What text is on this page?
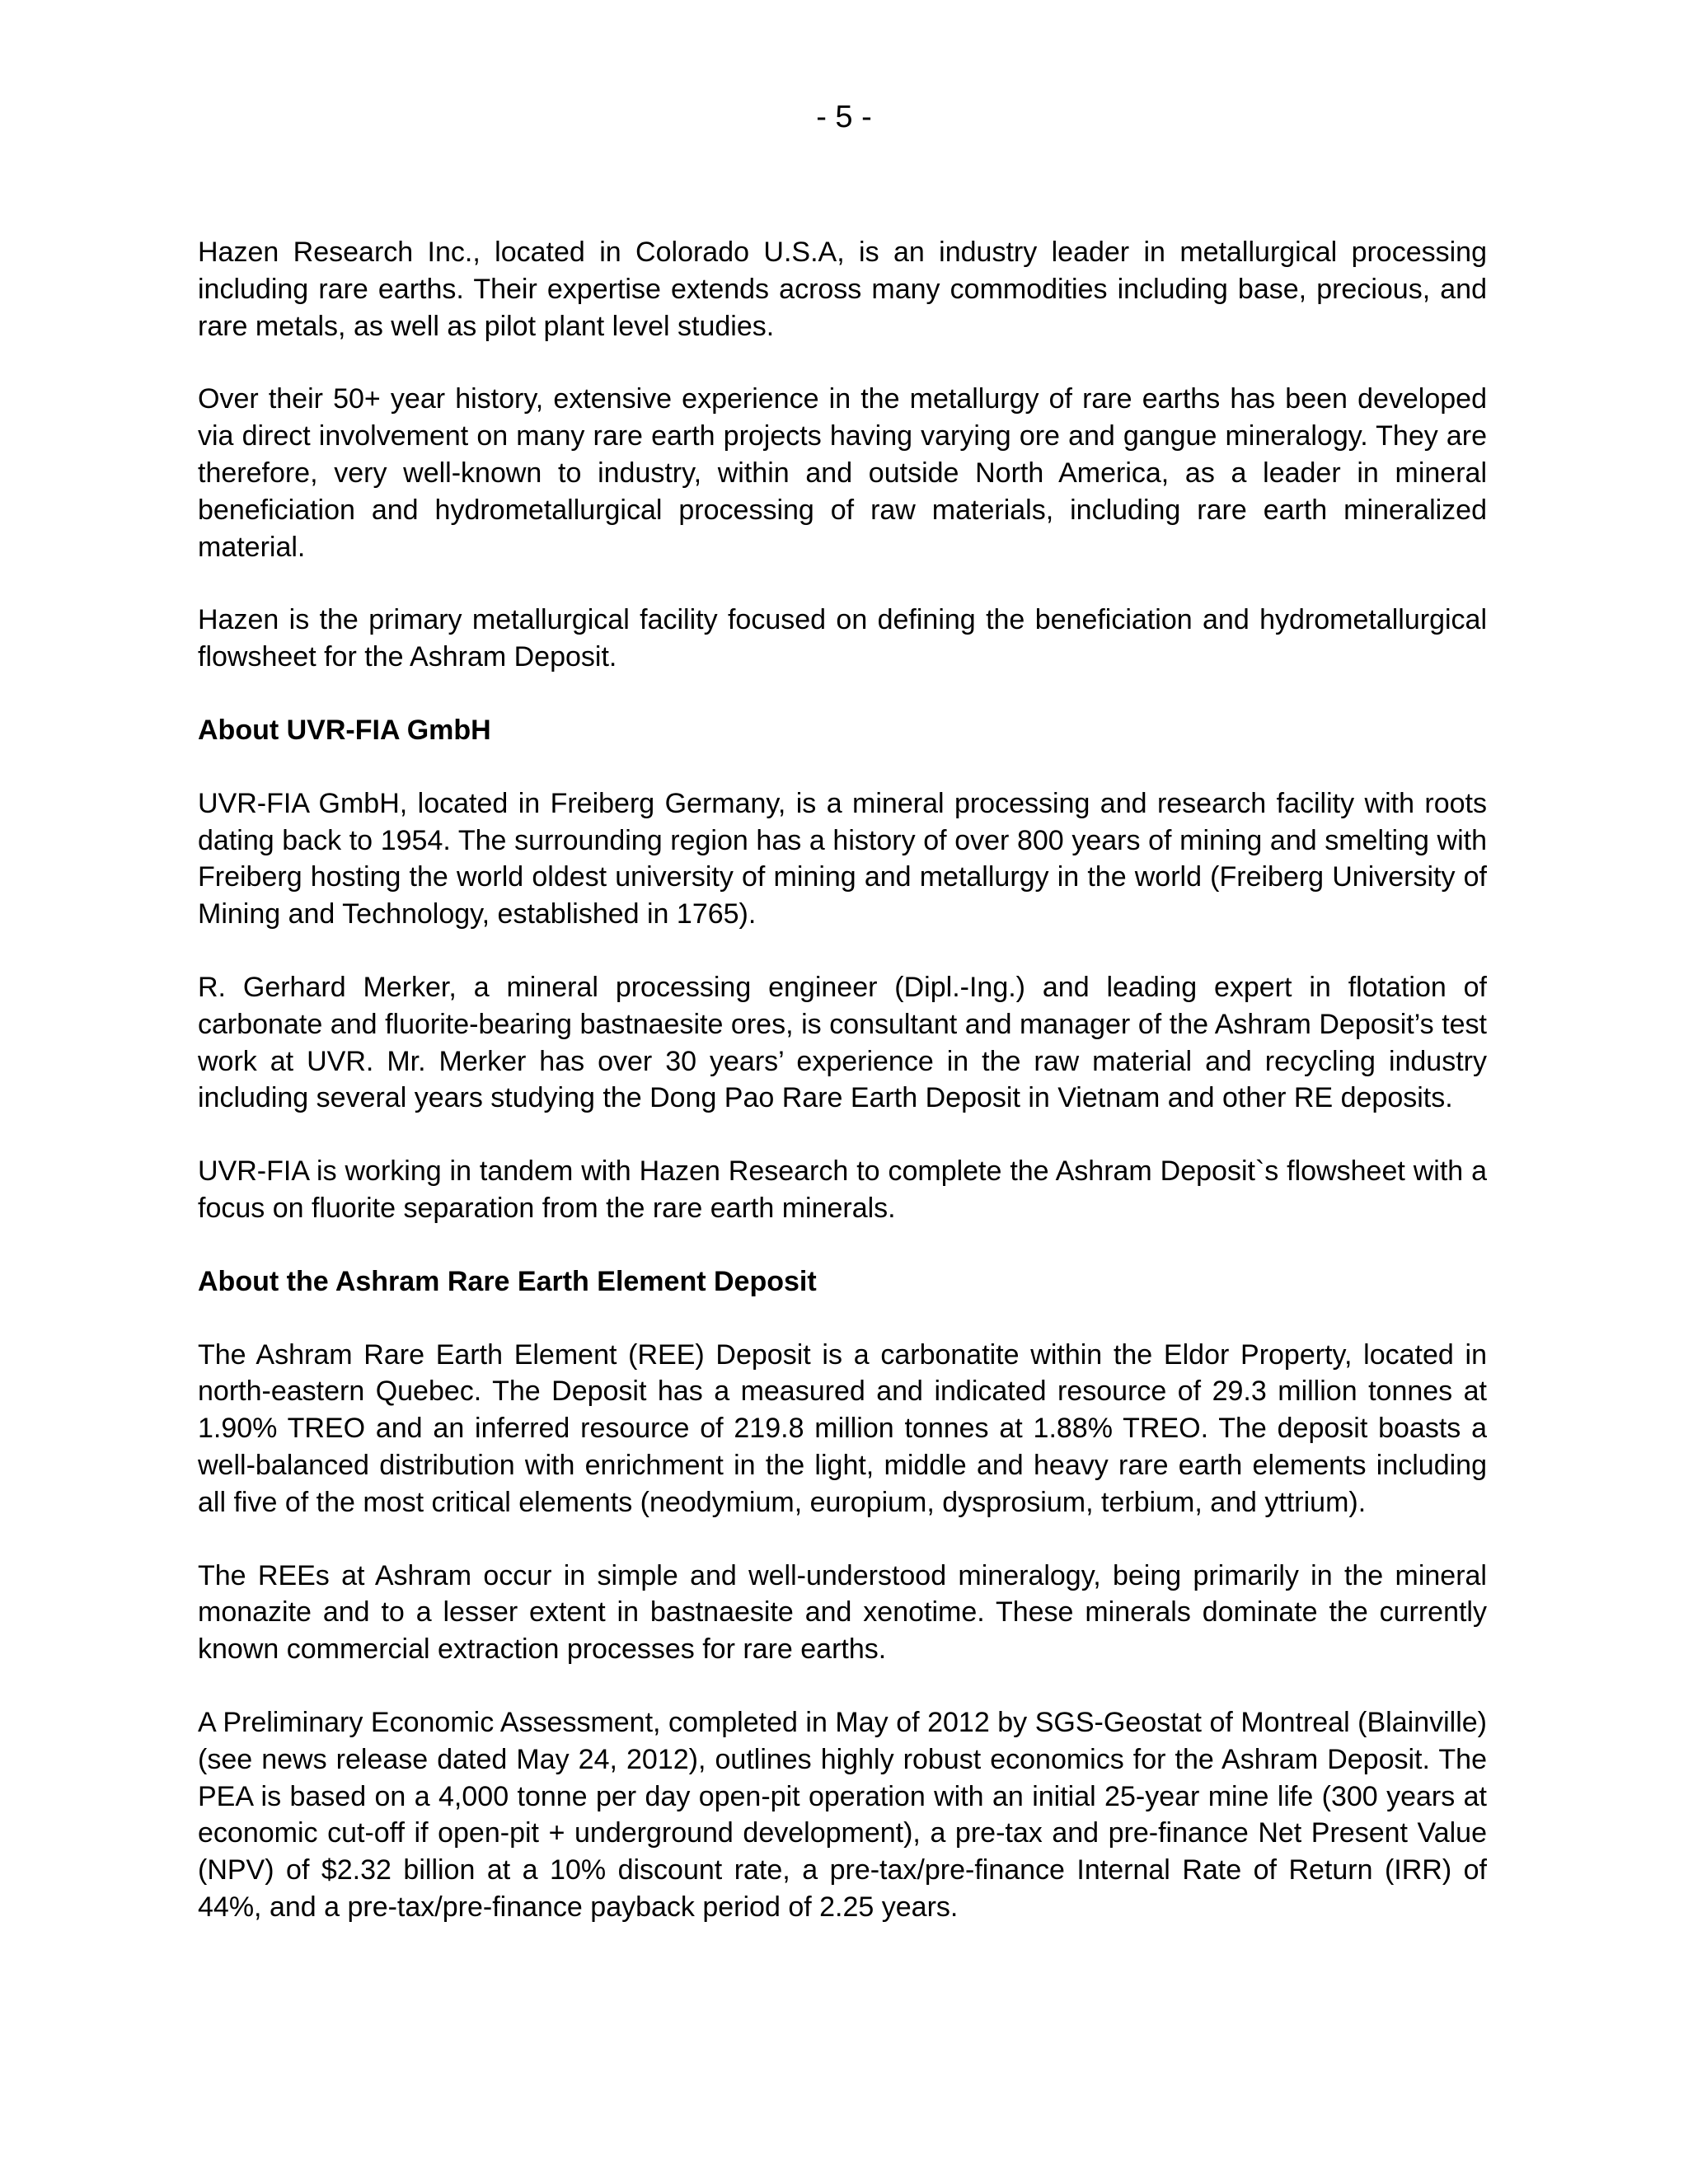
- 5 -

Hazen Research Inc., located in Colorado U.S.A, is an industry leader in metallurgical processing including rare earths. Their expertise extends across many commodities including base, precious, and rare metals, as well as pilot plant level studies.

Over their 50+ year history, extensive experience in the metallurgy of rare earths has been developed via direct involvement on many rare earth projects having varying ore and gangue mineralogy. They are therefore, very well-known to industry, within and outside North America, as a leader in mineral beneficiation and hydrometallurgical processing of raw materials, including rare earth mineralized material.

Hazen is the primary metallurgical facility focused on defining the beneficiation and hydrometallurgical flowsheet for the Ashram Deposit.

About UVR-FIA GmbH

UVR-FIA GmbH, located in Freiberg Germany, is a mineral processing and research facility with roots dating back to 1954. The surrounding region has a history of over 800 years of mining and smelting with Freiberg hosting the world oldest university of mining and metallurgy in the world (Freiberg University of Mining and Technology, established in 1765).

R. Gerhard Merker, a mineral processing engineer (Dipl.-Ing.) and leading expert in flotation of carbonate and fluorite-bearing bastnaesite ores, is consultant and manager of the Ashram Deposit’s test work at UVR. Mr. Merker has over 30 years’ experience in the raw material and recycling industry including several years studying the Dong Pao Rare Earth Deposit in Vietnam and other RE deposits.

UVR-FIA is working in tandem with Hazen Research to complete the Ashram Deposit`s flowsheet with a focus on fluorite separation from the rare earth minerals.

About the Ashram Rare Earth Element Deposit

The Ashram Rare Earth Element (REE) Deposit is a carbonatite within the Eldor Property, located in north-eastern Quebec. The Deposit has a measured and indicated resource of 29.3 million tonnes at 1.90% TREO and an inferred resource of 219.8 million tonnes at 1.88% TREO. The deposit boasts a well-balanced distribution with enrichment in the light, middle and heavy rare earth elements including all five of the most critical elements (neodymium, europium, dysprosium, terbium, and yttrium).

The REEs at Ashram occur in simple and well-understood mineralogy, being primarily in the mineral monazite and to a lesser extent in bastnaesite and xenotime. These minerals dominate the currently known commercial extraction processes for rare earths.

A Preliminary Economic Assessment, completed in May of 2012 by SGS-Geostat of Montreal (Blainville) (see news release dated May 24, 2012), outlines highly robust economics for the Ashram Deposit. The PEA is based on a 4,000 tonne per day open-pit operation with an initial 25-year mine life (300 years at economic cut-off if open-pit + underground development), a pre-tax and pre-finance Net Present Value (NPV) of $2.32 billion at a 10% discount rate, a pre-tax/pre-finance Internal Rate of Return (IRR) of 44%, and a pre-tax/pre-finance payback period of 2.25 years.
